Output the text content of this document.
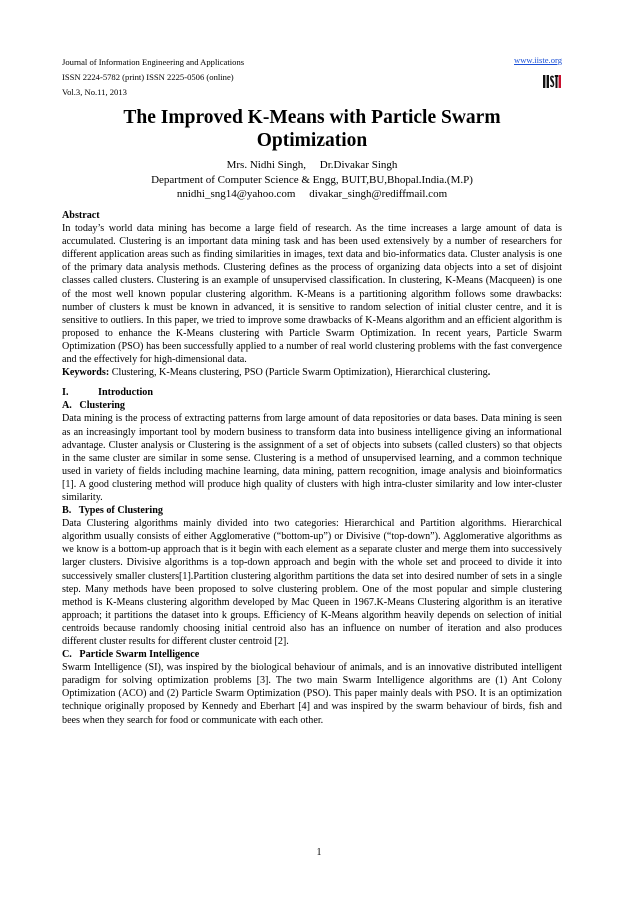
Journal of Information Engineering and Applications
ISSN 2224-5782 (print) ISSN 2225-0506 (online)
Vol.3, No.11, 2013
www.iiste.org
The Improved K-Means with Particle Swarm
Optimization
Mrs. Nidhi Singh,     Dr.Divakar Singh
Department of Computer Science & Engg, BUIT,BU,Bhopal.India.(M.P)
nnidhi_sng14@yahoo.com     divakar_singh@rediffmail.com

Abstract

In today’s world data mining has become a large field of research. As the time increases a large amount of data is accumulated. Clustering is an important data mining task and has been used extensively by a number of researchers for different application areas such as finding similarities in images, text data and bio-informatics data. Cluster analysis is one of the primary data analysis methods. Clustering defines as the process of organizing data objects into a set of disjoint classes called clusters. Clustering is an example of unsupervised classification. In clustering, K-Means (Macqueen) is one of the most well known popular clustering algorithm. K-Means is a partitioning algorithm follows some drawbacks: number of clusters k must be known in advanced, it is sensitive to random selection of initial cluster centre, and it is sensitive to outliers. In this paper, we tried to improve some drawbacks of K-Means algorithm and an efficient algorithm is proposed to enhance the K-Means clustering with Particle Swarm Optimization. In recent years, Particle Swarm Optimization (PSO) has been successfully applied to a number of real world clustering problems with the fast convergence and the effectively for high-dimensional data.

Keywords: Clustering, K-Means clustering, PSO (Particle Swarm Optimization), Hierarchical clustering.

I.	Introduction

A.   Clustering

Data mining is the process of extracting patterns from large amount of data repositories or data bases. Data mining is seen as an increasingly important tool by modern business to transform data into business intelligence giving an informational advantage. Cluster analysis or Clustering is the assignment of a set of objects into subsets (called clusters) so that objects in the same cluster are similar in some sense. Clustering is a method of unsupervised learning, and a common technique used in variety of fields including machine learning, data mining, pattern recognition, image analysis and bioinformatics [1]. A good clustering method will produce high quality of clusters with high intra-cluster similarity and low inter-cluster similarity.

B.   Types of Clustering

Data Clustering algorithms mainly divided into two categories: Hierarchical and Partition algorithms. Hierarchical algorithm usually consists of either Agglomerative (“bottom-up”) or Divisive (“top-down”). Agglomerative algorithms as we know is a bottom-up approach that is it begin with each element as a separate cluster and merge them into successively larger clusters. Divisive algorithms is a top-down approach and begin with the whole set and proceed to divide it into successively smaller clusters[1].Partition clustering algorithm partitions the data set into desired number of sets in a single step. Many methods have been proposed to solve clustering problem. One of the most popular and simple clustering method is K-Means clustering algorithm developed by Mac Queen in 1967.K-Means Clustering algorithm is an iterative approach; it partitions the dataset into k groups. Efficiency of K-Means algorithm heavily depends on selection of initial centroids because randomly choosing initial centroid also has an influence on number of iteration and also produces different cluster results for different cluster centroid [2].

C.   Particle Swarm Intelligence

Swarm Intelligence (SI), was inspired by the biological behaviour of animals, and is an innovative distributed intelligent paradigm for solving optimization problems [3]. The two main Swarm Intelligence algorithms are (1) Ant Colony Optimization (ACO) and (2) Particle Swarm Optimization (PSO). This paper mainly deals with PSO. It is an optimization technique originally proposed by Kennedy and Eberhart [4] and was inspired by the swarm behaviour of birds, fish and bees when they search for food or communicate with each other.

1
